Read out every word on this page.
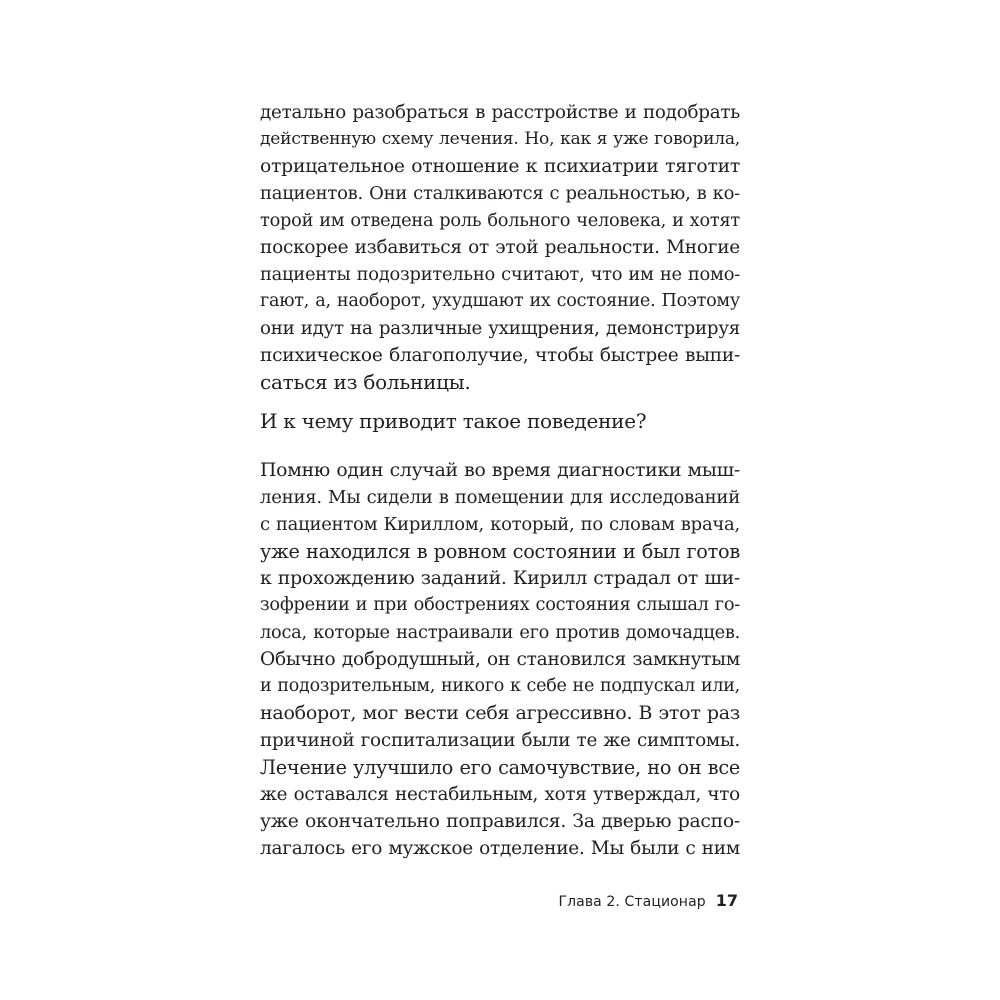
детально разобраться в расстройстве и подобрать
действенную схему лечения. Но, как я уже говорила,
отрицательное отношение к психиатрии тяготит
пациентов. Они сталкиваются с реальностью, в ко-
торой им отведена роль больного человека, и хотят
поскорее избавиться от этой реальности. Многие
пациенты подозрительно считают, что им не помо-
гают, а, наоборот, ухудшают их состояние. Поэтому
они идут на различные ухищрения, демонстрируя
психическое благополучие, чтобы быстрее выпи-
саться из больницы.
И к чему приводит такое поведение?
Помню один случай во время диагностики мыш-
ления. Мы сидели в помещении для исследований
с пациентом Кириллом, который, по словам врача,
уже находился в ровном состоянии и был готов
к прохождению заданий. Кирилл страдал от ши-
зофрении и при обострениях состояния слышал го-
лоса, которые настраивали его против домочадцев.
Обычно добродушный, он становился замкнутым
и подозрительным, никого к себе не подпускал или,
наоборот, мог вести себя агрессивно. В этот раз
причиной госпитализации были те же симптомы.
Лечение улучшило его самочувствие, но он все
же оставался нестабильным, хотя утверждал, что
уже окончательно поправился. За дверью распо-
лагалось его мужское отделение. Мы были с ним
Глава 2. Стационар 17
